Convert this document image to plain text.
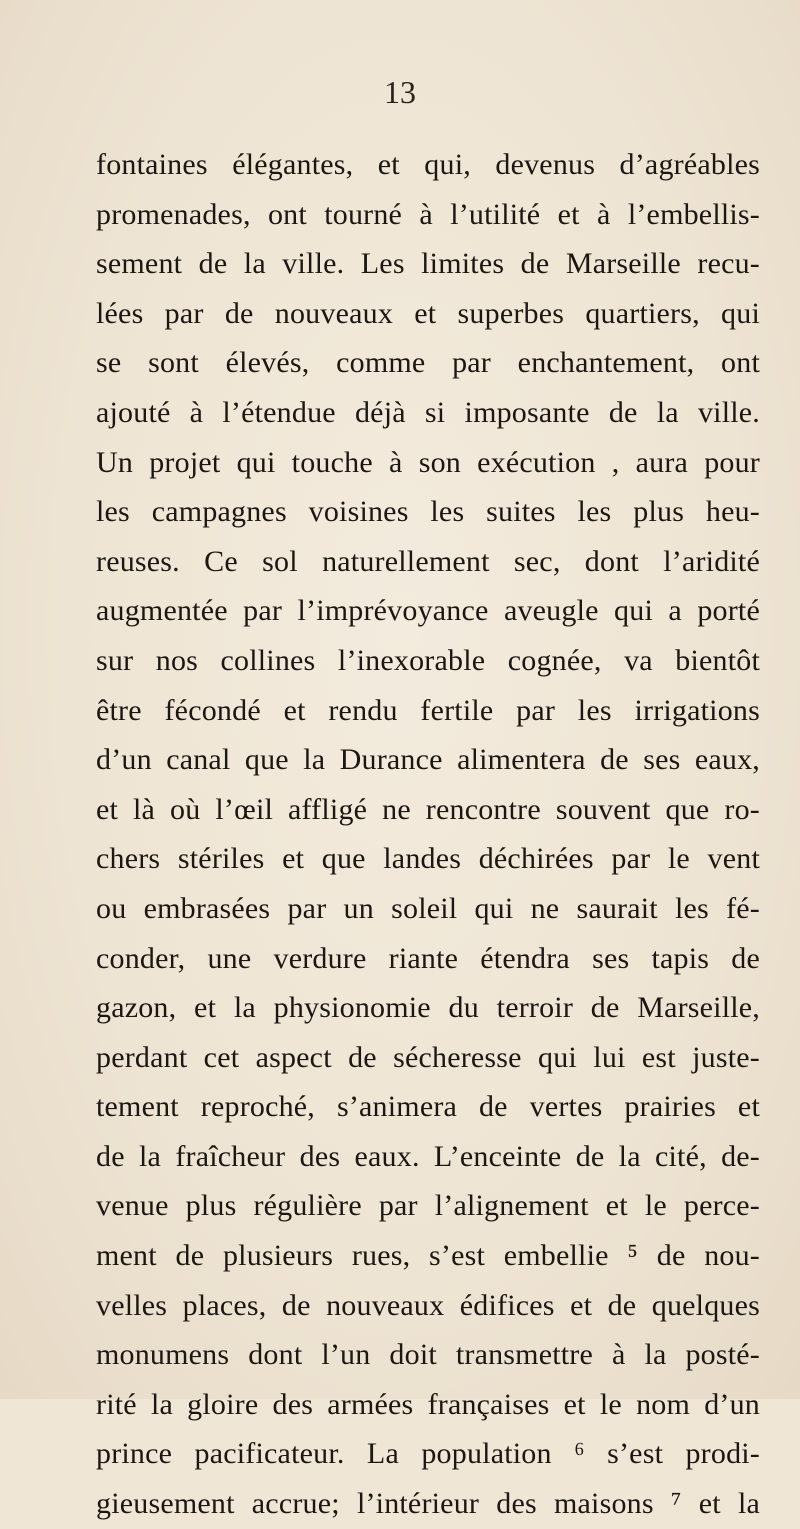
13
fontaines élégantes, et qui, devenus d’agréables
promenades, ont tourné à l’utilité et à l’embellis-
sement de la ville. Les limites de Marseille recu-
lées par de nouveaux et superbes quartiers, qui
se sont élevés, comme par enchantement, ont
ajouté à l’étendue déjà si imposante de la ville.
Un projet qui touche à son exécution , aura pour
les campagnes voisines les suites les plus heu-
reuses. Ce sol naturellement sec, dont l’aridité
augmentée par l’imprévoyance aveugle qui a porté
sur nos collines l’inexorable cognée, va bientôt
être fécondé et rendu fertile par les irrigations
d’un canal que la Durance alimentera de ses eaux,
et là où l’œil affligé ne rencontre souvent que ro-
chers stériles et que landes déchirées par le vent
ou embrasées par un soleil qui ne saurait les fé-
conder, une verdure riante étendra ses tapis de
gazon, et la physionomie du terroir de Marseille,
perdant cet aspect de sécheresse qui lui est juste-
tement reproché, s’animera de vertes prairies et
de la fraîcheur des eaux. L’enceinte de la cité, de-
venue plus régulière par l’alignement et le perce-
ment de plusieurs rues, s’est embellie ⁵ de nou-
velles places, de nouveaux édifices et de quelques
monumens dont l’un doit transmettre à la posté-
rité la gloire des armées françaises et le nom d’un
prince pacificateur. La population ⁶ s’est prodi-
gieusement accrue; l’intérieur des maisons ⁷ et la
